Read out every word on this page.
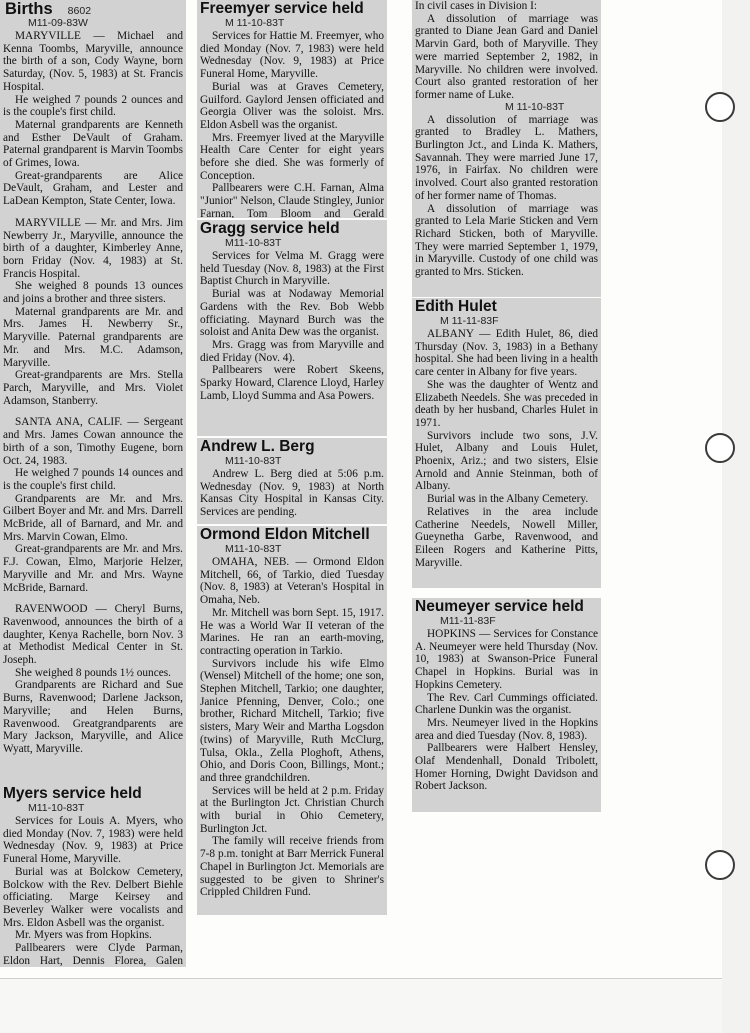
Births 8602
M11-09-83W

MARYVILLE — Michael and Kenna Toombs, Maryville, announce the birth of a son, Cody Wayne, born Saturday, (Nov. 5, 1983) at St. Francis Hospital.

He weighed 7 pounds 2 ounces and is the couple's first child.

Maternal grandparents are Kenneth and Esther DeVault of Graham. Paternal grandparent is Marvin Toombs of Grimes, Iowa.

Great-grandparents are Alice DeVault, Graham, and Lester and LaDean Kempton, State Center, Iowa.

MARYVILLE — Mr. and Mrs. Jim Newberry Jr., Maryville, announce the birth of a daughter, Kimberley Anne, born Friday (Nov. 4, 1983) at St. Francis Hospital.

She weighed 8 pounds 13 ounces and joins a brother and three sisters.

Maternal grandparents are Mr. and Mrs. James H. Newberry Sr., Maryville. Paternal grandparents are Mr. and Mrs. M.C. Adamson, Maryville.

Great-grandparents are Mrs. Stella Parch, Maryville, and Mrs. Violet Adamson, Stanberry.

SANTA ANA, CALIF. — Sergeant and Mrs. James Cowan announce the birth of a son, Timothy Eugene, born Oct. 24, 1983.

He weighed 7 pounds 14 ounces and is the couple's first child.

Grandparents are Mr. and Mrs. Gilbert Boyer and Mr. and Mrs. Darrell McBride, all of Barnard, and Mr. and Mrs. Marvin Cowan, Elmo.

Great-grandparents are Mr. and Mrs. F.J. Cowan, Elmo, Marjorie Helzer, Maryville and Mr. and Mrs. Wayne McBride, Barnard.

RAVENWOOD — Cheryl Burns, Ravenwood, announces the birth of a daughter, Kenya Rachelle, born Nov. 3 at Methodist Medical Center in St. Joseph.

She weighed 8 pounds 1½ ounces.

Grandparents are Richard and Sue Burns, Ravenwood; Darlene Jackson, Maryville; and Helen Burns, Ravenwood. Greatgrandparents are Mary Jackson, Maryville, and Alice Wyatt, Maryville.

Myers service held
M11-10-83T

Services for Louis A. Myers, who died Monday (Nov. 7, 1983) were held Wednesday (Nov. 9, 1983) at Price Funeral Home, Maryville.

Burial was at Bolckow Cemetery, Bolckow with the Rev. Delbert Biehle officiating. Marge Keirsey and Beverley Walker were vocalists and Mrs. Eldon Asbell was the organist.

Mr. Myers was from Hopkins.

Pallbearers were Clyde Parman, Eldon Hart, Dennis Florea, Galen

Freemyer service held
M 11-10-83T

Services for Hattie M. Freemyer, who died Monday (Nov. 7, 1983) were held Wednesday (Nov. 9, 1983) at Price Funeral Home, Maryville.

Burial was at Graves Cemetery, Guilford. Gaylord Jensen officiated and Georgia Oliver was the soloist. Mrs. Eldon Asbell was the organist.

Mrs. Freemyer lived at the Maryville Health Care Center for eight years before she died. She was formerly of Conception.

Pallbearers were C.H. Farnan, Alma "Junior" Nelson, Claude Stingley, Junior Farnan, Tom Bloom and Gerald

Gragg service held
M11-10-83T

Services for Velma M. Gragg were held Tuesday (Nov. 8, 1983) at the First Baptist Church in Maryville.

Burial was at Nodaway Memorial Gardens with the Rev. Bob Webb officiating. Maynard Burch was the soloist and Anita Dew was the organist.

Mrs. Gragg was from Maryville and died Friday (Nov. 4).

Pallbearers were Robert Skeens, Sparky Howard, Clarence Lloyd, Harley Lamb, Lloyd Summa and Asa Powers.

Andrew L. Berg
M11-10-83T

Andrew L. Berg died at 5:06 p.m. Wednesday (Nov. 9, 1983) at North Kansas City Hospital in Kansas City. Services are pending.

Ormond Eldon Mitchell
M11-10-83T

OMAHA, NEB. — Ormond Eldon Mitchell, 66, of Tarkio, died Tuesday (Nov. 8, 1983) at Veteran's Hospital in Omaha, Neb.

Mr. Mitchell was born Sept. 15, 1917. He was a World War II veteran of the Marines. He ran an earth-moving, contracting operation in Tarkio.

Survivors include his wife Elmo (Wensel) Mitchell of the home; one son, Stephen Mitchell, Tarkio; one daughter, Janice Pfenning, Denver, Colo.; one brother, Richard Mitchell, Tarkio; five sisters, Mary Weir and Martha Logsdon (twins) of Maryville, Ruth McClurg, Tulsa, Okla., Zella Ploghoft, Athens, Ohio, and Doris Coon, Billings, Mont.; and three grandchildren.

Services will be held at 2 p.m. Friday at the Burlington Jct. Christian Church with burial in Ohio Cemetery, Burlington Jct.

The family will receive friends from 7-8 p.m. tonight at Barr Merrick Funeral Chapel in Burlington Jct. Memorials are suggested to be given to Shriner's Crippled Children Fund.

In civil cases in Division I:

A dissolution of marriage was granted to Diane Jean Gard and Daniel Marvin Gard, both of Maryville. They were married September 2, 1982, in Maryville. No children were involved. Court also granted restoration of her former name of Luke.

M 11-10-83T

A dissolution of marriage was granted to Bradley L. Mathers, Burlington Jct., and Linda K. Mathers, Savannah. They were married June 17, 1976, in Fairfax. No children were involved. Court also granted restoration of her former name of Thomas.

A dissolution of marriage was granted to Lela Marie Sticken and Vern Richard Sticken, both of Maryville. They were married September 1, 1979, in Maryville. Custody of one child was granted to Mrs. Sticken.

Edith Hulet
M 11-11-83F

ALBANY — Edith Hulet, 86, died Thursday (Nov. 3, 1983) in a Bethany hospital. She had been living in a health care center in Albany for five years.

She was the daughter of Wentz and Elizabeth Needels. She was preceded in death by her husband, Charles Hulet in 1971.

Survivors include two sons, J.V. Hulet, Albany and Louis Hulet, Phoenix, Ariz.; and two sisters, Elsie Arnold and Annie Steinman, both of Albany.

Burial was in the Albany Cemetery.

Relatives in the area include Catherine Needels, Nowell Miller, Gueynetha Garbe, Ravenwood, and Eileen Rogers and Katherine Pitts, Maryville.

Neumeyer service held
M11-11-83F

HOPKINS — Services for Constance A. Neumeyer were held Thursday (Nov. 10, 1983) at Swanson-Price Funeral Chapel in Hopkins. Burial was in Hopkins Cemetery.

The Rev. Carl Cummings officiated. Charlene Dunkin was the organist.

Mrs. Neumeyer lived in the Hopkins area and died Tuesday (Nov. 8, 1983).

Pallbearers were Halbert Hensley, Olaf Mendenhall, Donald Tribolett, Homer Horning, Dwight Davidson and Robert Jackson.
